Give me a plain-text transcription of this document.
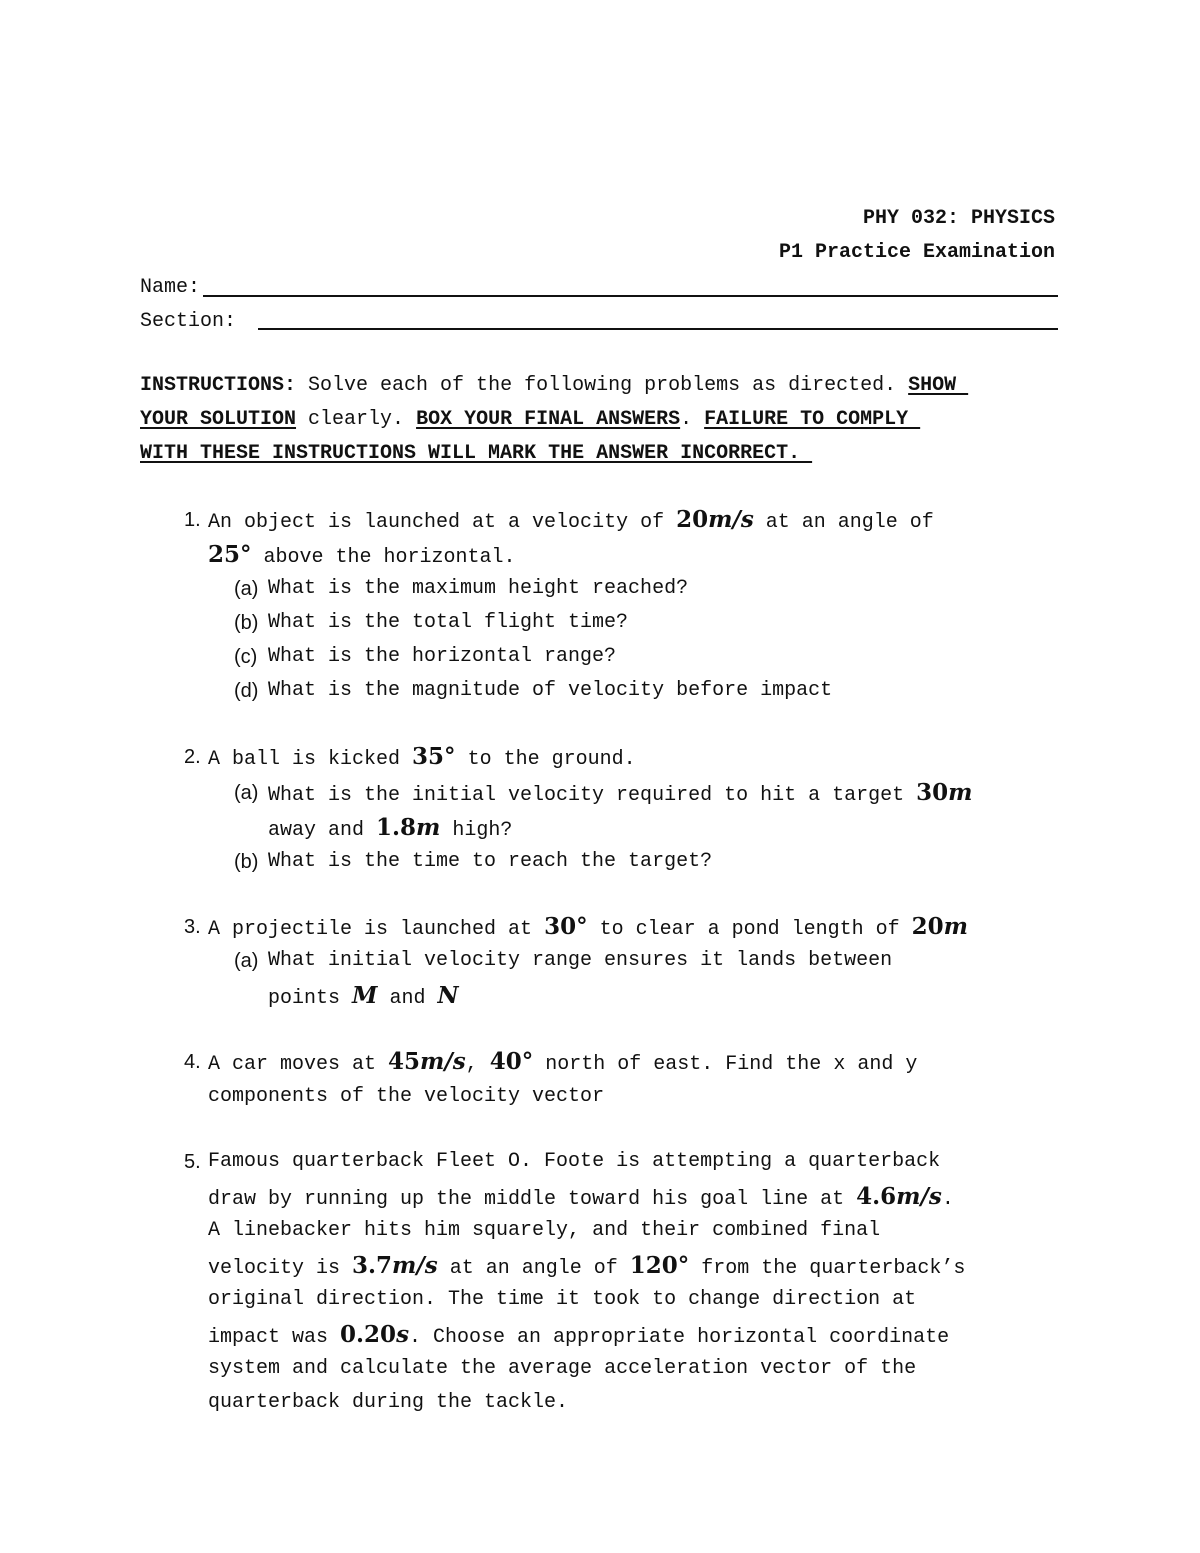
PHY 032: PHYSICS
P1 Practice Examination
Name:
Section:
INSTRUCTIONS: Solve each of the following problems as directed. SHOW
YOUR SOLUTION clearly. BOX YOUR FINAL ANSWERS. FAILURE TO COMPLY
WITH THESE INSTRUCTIONS WILL MARK THE ANSWER INCORRECT.
1. An object is launched at a velocity of 20m/s at an angle of
25° above the horizontal.
(a) What is the maximum height reached?
(b) What is the total flight time?
(c) What is the horizontal range?
(d) What is the magnitude of velocity before impact
2. A ball is kicked 35° to the ground.
(a) What is the initial velocity required to hit a target 30m
away and 1.8m high?
(b) What is the time to reach the target?
3. A projectile is launched at 30° to clear a pond length of 20m
(a) What initial velocity range ensures it lands between
points M and N
4. A car moves at 45m/s, 40° north of east. Find the x and y
components of the velocity vector
5. Famous quarterback Fleet O. Foote is attempting a quarterback
draw by running up the middle toward his goal line at 4.6m/s.
A linebacker hits him squarely, and their combined final
velocity is 3.7m/s at an angle of 120° from the quarterback’s
original direction. The time it took to change direction at
impact was 0.20s. Choose an appropriate horizontal coordinate
system and calculate the average acceleration vector of the
quarterback during the tackle.
